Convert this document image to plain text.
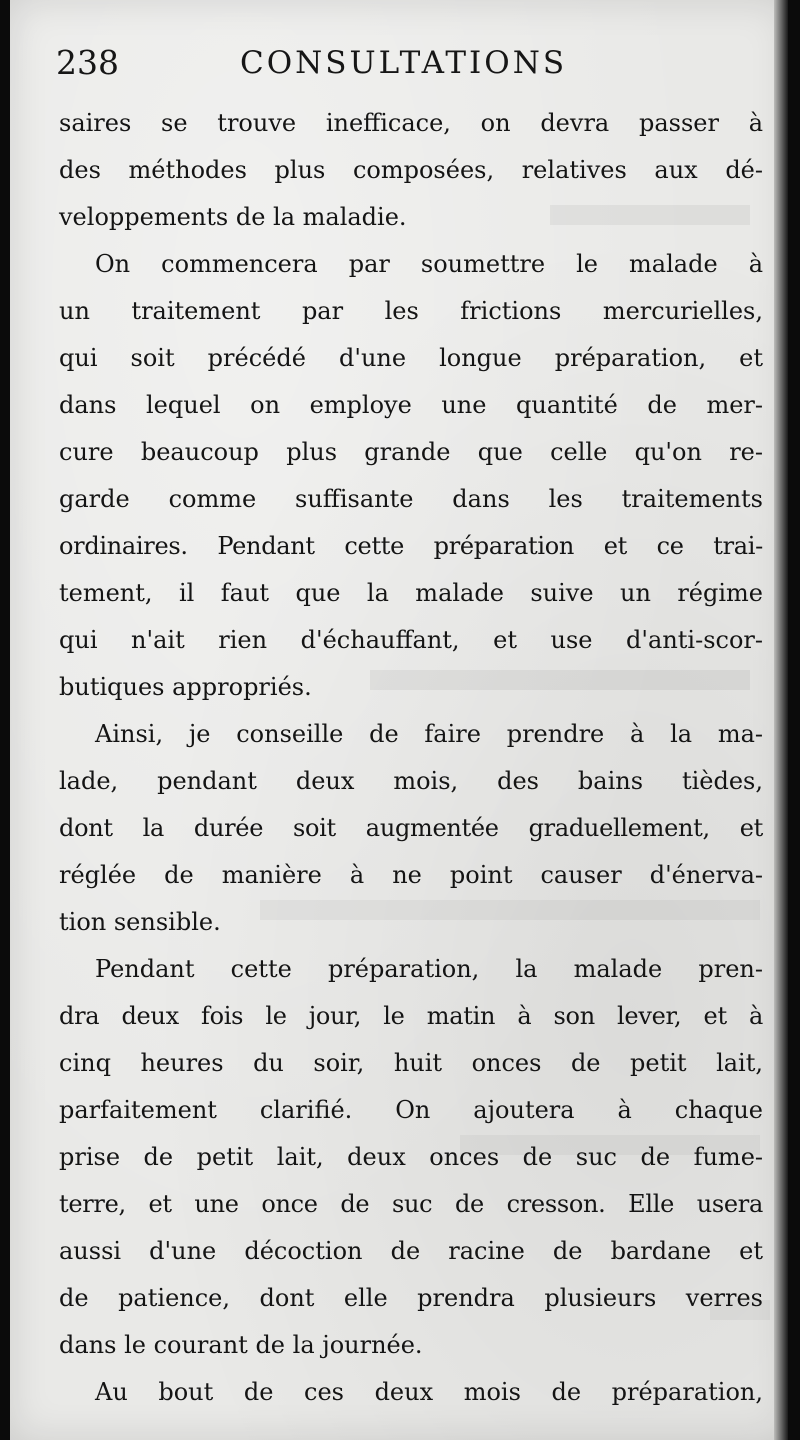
238	CONSULTATIONS
saires se trouve inefficace, on devra passer à
des méthodes plus composées, relatives aux dé-
veloppements de la maladie.
On commencera par soumettre le malade à
un traitement par les frictions mercurielles,
qui soit précédé d'une longue préparation, et
dans lequel on employe une quantité de mer-
cure beaucoup plus grande que celle qu'on re-
garde comme suffisante dans les traitements
ordinaires. Pendant cette préparation et ce trai-
tement, il faut que la malade suive un régime
qui n'ait rien d'échauffant, et use d'anti-scor-
butiques appropriés.
Ainsi, je conseille de faire prendre à la ma-
lade, pendant deux mois, des bains tièdes,
dont la durée soit augmentée graduellement, et
réglée de manière à ne point causer d'énerva-
tion sensible.
Pendant cette préparation, la malade pren-
dra deux fois le jour, le matin à son lever, et à
cinq heures du soir, huit onces de petit lait,
parfaitement clarifié. On ajoutera à chaque
prise de petit lait, deux onces de suc de fume-
terre, et une once de suc de cresson. Elle usera
aussi d'une décoction de racine de bardane et
de patience, dont elle prendra plusieurs verres
dans le courant de la journée.
Au bout de ces deux mois de préparation,
